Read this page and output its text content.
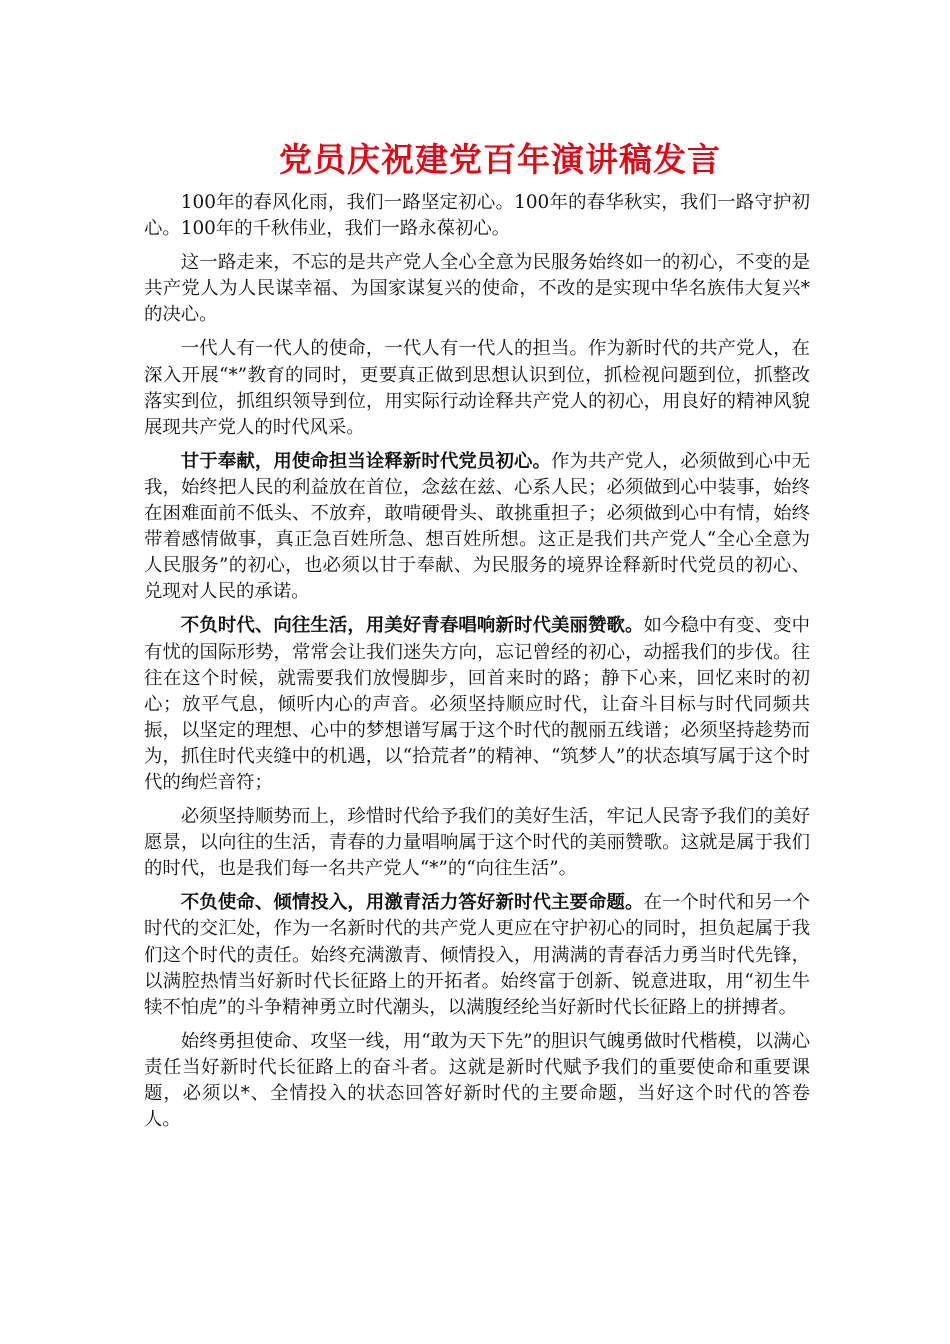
党员庆祝建党百年演讲稿发言

100年的春风化雨，我们一路坚定初心。100年的春华秋实，我们一路守护初心。100年的千秋伟业，我们一路永葆初心。

这一路走来，不忘的是共产党人全心全意为民服务始终如一的初心，不变的是共产党人为人民谋幸福、为国家谋复兴的使命，不改的是实现中华名族伟大复兴*的决心。

一代人有一代人的使命，一代人有一代人的担当。作为新时代的共产党人，在深入开展“*”教育的同时，更要真正做到思想认识到位，抓检视问题到位，抓整改落实到位，抓组织领导到位，用实际行动诠释共产党人的初心，用良好的精神风貌展现共产党人的时代风采。

甘于奉献，用使命担当诠释新时代党员初心。作为共产党人，必须做到心中无我，始终把人民的利益放在首位，念兹在兹、心系人民；必须做到心中装事，始终在困难面前不低头、不放弃，敢啃硬骨头、敢挑重担子；必须做到心中有情，始终带着感情做事，真正急百姓所急、想百姓所想。这正是我们共产党人“全心全意为人民服务”的初心，也必须以甘于奉献、为民服务的境界诠释新时代党员的初心、兑现对人民的承诺。

不负时代、向往生活，用美好青春唱响新时代美丽赞歌。如今稳中有变、变中有忧的国际形势，常常会让我们迷失方向，忘记曾经的初心，动摇我们的步伐。往往在这个时候，就需要我们放慢脚步，回首来时的路；静下心来，回忆来时的初心；放平气息，倾听内心的声音。必须坚持顺应时代，让奋斗目标与时代同频共振，以坚定的理想、心中的梦想谱写属于这个时代的靓丽五线谱；必须坚持趁势而为，抓住时代夹缝中的机遇，以“拾荒者”的精神、“筑梦人”的状态填写属于这个时代的绚烂音符；

必须坚持顺势而上，珍惜时代给予我们的美好生活，牢记人民寄予我们的美好愿景，以向往的生活，青春的力量唱响属于这个时代的美丽赞歌。这就是属于我们的时代，也是我们每一名共产党人“*”的“向往生活”。

不负使命、倾情投入，用激青活力答好新时代主要命题。在一个时代和另一个时代的交汇处，作为一名新时代的共产党人更应在守护初心的同时，担负起属于我们这个时代的责任。始终充满激青、倾情投入，用满满的青春活力勇当时代先锋，以满腔热情当好新时代长征路上的开拓者。始终富于创新、锐意进取，用“初生牛犊不怕虎”的斗争精神勇立时代潮头，以满腹经纶当好新时代长征路上的拼搏者。

始终勇担使命、攻坚一线，用“敢为天下先”的胆识气魄勇做时代楷模，以满心责任当好新时代长征路上的奋斗者。这就是新时代赋予我们的重要使命和重要课题，必须以*、全情投入的状态回答好新时代的主要命题，当好这个时代的答卷人。
